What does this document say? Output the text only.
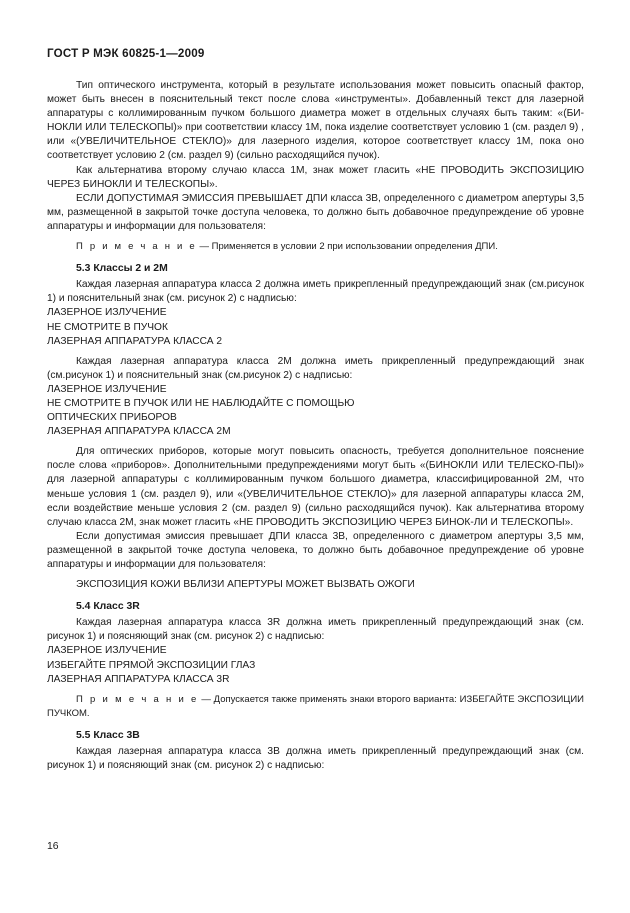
ГОСТ Р МЭК 60825-1—2009

Тип оптического инструмента, который в результате использования может повысить опасный фактор, может быть внесен в пояснительный текст после слова «инструменты». Добавленный текст для лазерной аппаратуры с коллимированным пучком большого диаметра может в отдельных случаях быть таким: «(БИ-НОКЛИ ИЛИ ТЕЛЕСКОПЫ)» при соответствии классу 1М, пока изделие соответствует условию 1 (см. раздел 9) , или «(УВЕЛИЧИТЕЛЬНОЕ СТЕКЛО)» для лазерного изделия, которое соответствует классу 1М, пока оно соответствует условию 2 (см. раздел 9) (сильно расходящийся пучок).

Как альтернатива второму случаю класса 1М, знак может гласить «НЕ ПРОВОДИТЬ ЭКСПОЗИЦИЮ ЧЕРЕЗ БИНОКЛИ И ТЕЛЕСКОПЫ».

ЕСЛИ ДОПУСТИМАЯ ЭМИССИЯ ПРЕВЫШАЕТ ДПИ класса 3В, определенного с диаметром апертуры 3,5 мм, размещенной в закрытой точке доступа человека, то должно быть добавочное предупреждение об уровне аппаратуры и информации для пользователя:

П р и м е ч а н и е — Применяется в условии 2 при использовании определения ДПИ.

5.3 Классы 2 и 2М

Каждая лазерная аппаратура класса 2 должна иметь прикрепленный предупреждающий знак (см.рисунок 1) и пояснительный знак (см. рисунок 2) с надписью:

ЛАЗЕРНОЕ ИЗЛУЧЕНИЕ

НЕ СМОТРИТЕ В ПУЧОК

ЛАЗЕРНАЯ АППАРАТУРА КЛАССА 2

Каждая лазерная аппаратура класса 2М должна иметь прикрепленный предупреждающий знак (см.рисунок 1) и пояснительный знак (см.рисунок 2) с надписью:

ЛАЗЕРНОЕ ИЗЛУЧЕНИЕ

НЕ СМОТРИТЕ В ПУЧОК ИЛИ НЕ НАБЛЮДАЙТЕ С ПОМОЩЬЮ

ОПТИЧЕСКИХ ПРИБОРОВ

ЛАЗЕРНАЯ АППАРАТУРА КЛАССА 2М

Для оптических приборов, которые могут повысить опасность, требуется дополнительное пояснение после слова «приборов». Дополнительными предупреждениями могут быть «(БИНОКЛИ ИЛИ ТЕЛЕСКО-ПЫ)» для лазерной аппаратуры с коллимированным пучком большого диаметра, классифицированной 2М, что меньше условия 1 (см. раздел 9), или «(УВЕЛИЧИТЕЛЬНОЕ СТЕКЛО)» для лазерной аппаратуры класса 2М, если воздействие меньше условия 2 (см. раздел 9) (сильно расходящийся пучок). Как альтернатива второму случаю класса 2М, знак может гласить «НЕ ПРОВОДИТЬ ЭКСПОЗИЦИЮ ЧЕРЕЗ БИНОК-ЛИ И ТЕЛЕСКОПЫ».

Если допустимая эмиссия превышает ДПИ класса 3В, определенного с диаметром апертуры 3,5 мм, размещенной в закрытой точке доступа человека, то должно быть добавочное предупреждение об уровне аппаратуры и информации для пользователя:

ЭКСПОЗИЦИЯ КОЖИ ВБЛИЗИ АПЕРТУРЫ МОЖЕТ ВЫЗВАТЬ ОЖОГИ

5.4 Класс 3R

Каждая лазерная аппаратура класса 3R должна иметь прикрепленный предупреждающий знак (см. рисунок 1) и поясняющий знак (см. рисунок 2) с надписью:

ЛАЗЕРНОЕ ИЗЛУЧЕНИЕ

ИЗБЕГАЙТЕ ПРЯМОЙ ЭКСПОЗИЦИИ ГЛАЗ

ЛАЗЕРНАЯ АППАРАТУРА КЛАССА 3R

П р и м е ч а н и е — Допускается также применять знаки второго варианта: ИЗБЕГАЙТЕ ЭКСПОЗИЦИИ ПУЧКОМ.

5.5 Класс 3В

Каждая лазерная аппаратура класса 3В должна иметь прикрепленный предупреждающий знак (см. рисунок 1) и поясняющий знак (см. рисунок 2) с надписью:

16
